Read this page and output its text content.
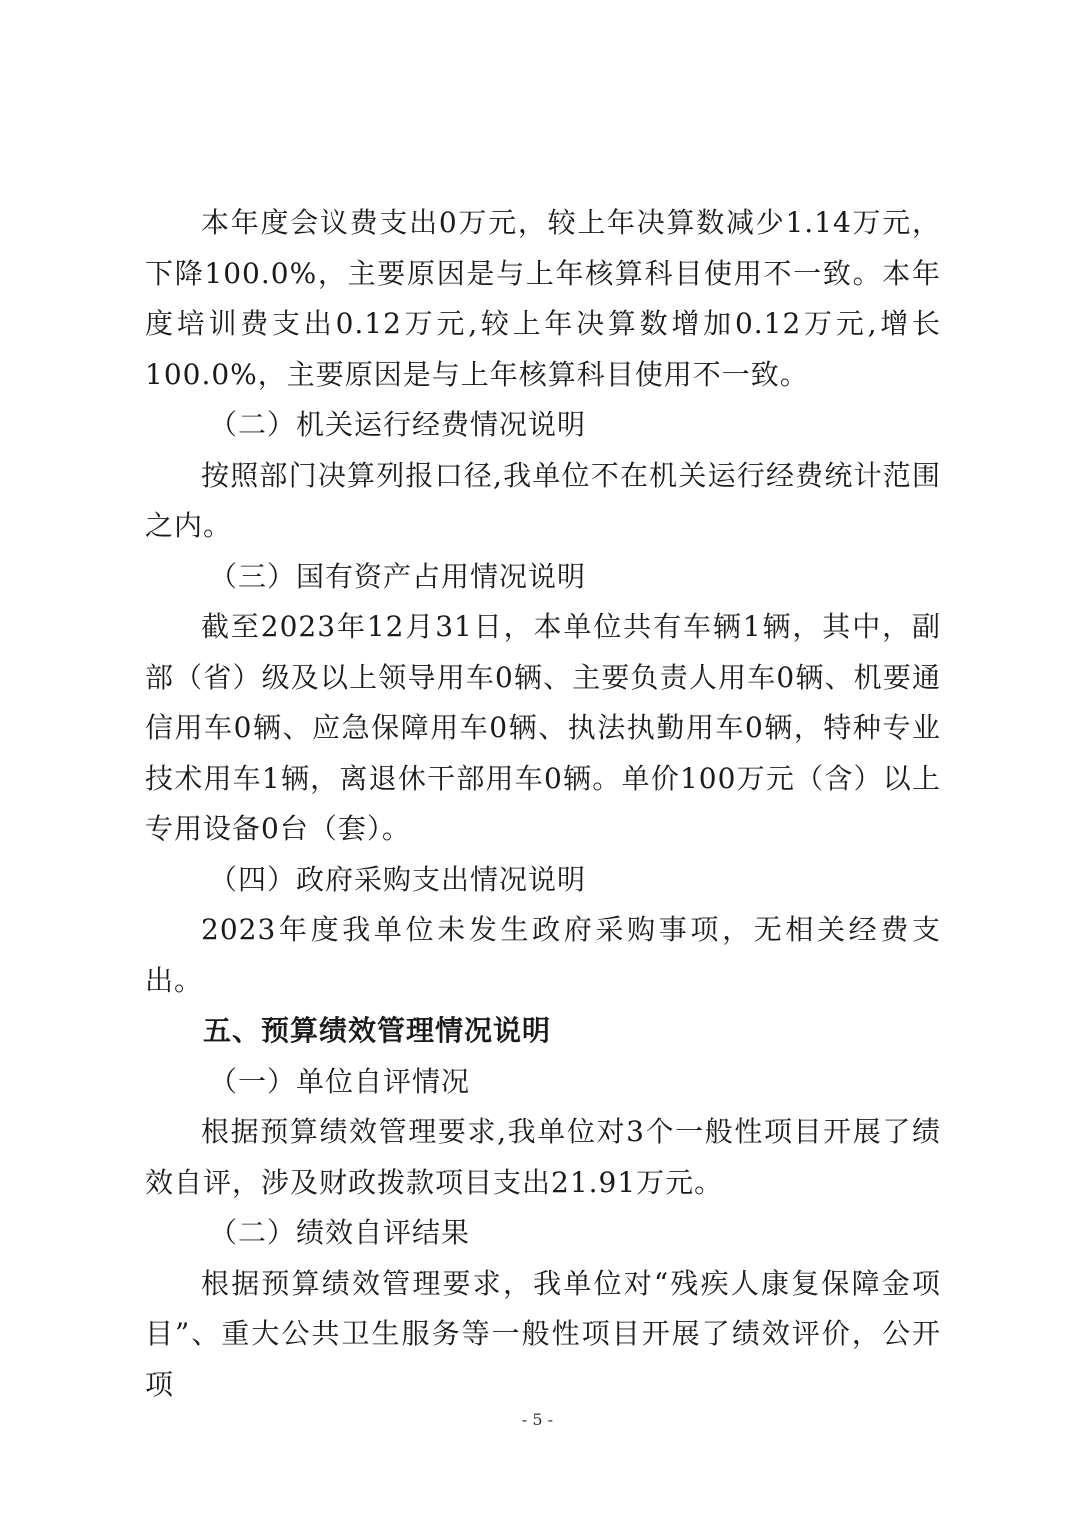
本年度会议费支出0万元，较上年决算数减少1.14万元，下降100.0%，主要原因是与上年核算科目使用不一致。本年度培训费支出0.12万元,较上年决算数增加0.12万元,增长100.0%，主要原因是与上年核算科目使用不一致。

（二）机关运行经费情况说明

按照部门决算列报口径,我单位不在机关运行经费统计范围之内。

（三）国有资产占用情况说明

截至2023年12月31日，本单位共有车辆1辆，其中，副部（省）级及以上领导用车0辆、主要负责人用车0辆、机要通信用车0辆、应急保障用车0辆、执法执勤用车0辆，特种专业技术用车1辆，离退休干部用车0辆。单价100万元（含）以上专用设备0台（套）。

（四）政府采购支出情况说明

2023年度我单位未发生政府采购事项，无相关经费支出。

五、预算绩效管理情况说明

（一）单位自评情况

根据预算绩效管理要求,我单位对3个一般性项目开展了绩效自评，涉及财政拨款项目支出21.91万元。

（二）绩效自评结果

根据预算绩效管理要求，我单位对“残疾人康复保障金项目”、重大公共卫生服务等一般性项目开展了绩效评价，公开项

- 5 -
